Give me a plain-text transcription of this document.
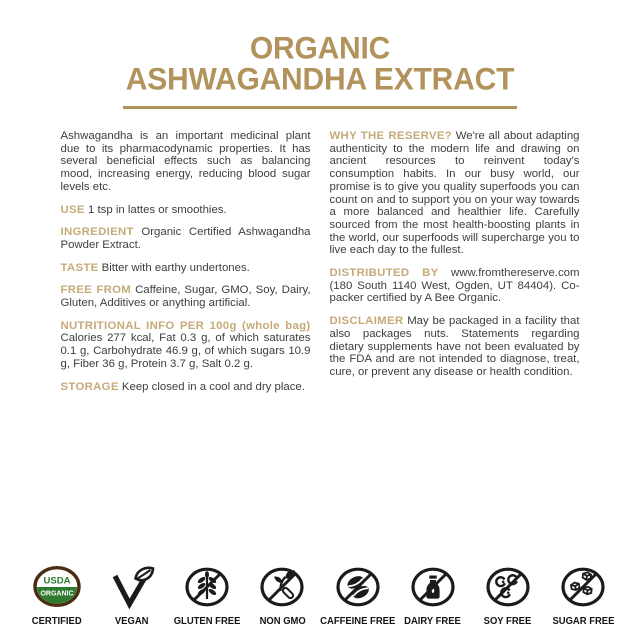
ORGANIC
ASHWAGANDHA EXTRACT

Ashwagandha is an important medicinal plant due to its pharmacodynamic properties. It has several beneficial effects such as balancing mood, increasing energy, reducing blood sugar levels etc.

USE 1 tsp in lattes or smoothies.

INGREDIENT Organic Certified Ashwagandha Powder Extract.

TASTE Bitter with earthy undertones.

FREE FROM Caffeine, Sugar, GMO, Soy, Dairy, Gluten, Additives or anything artificial.

NUTRITIONAL INFO PER 100g (whole bag) Calories 277 kcal, Fat 0.3 g, of which saturates 0.1 g, Carbohydrate 46.9 g, of which sugars 10.9 g, Fiber 36 g, Protein 3.7 g, Salt 0.2 g.

STORAGE Keep closed in a cool and dry place.

WHY THE RESERVE? We're all about adapting authenticity to the modern life and drawing on ancient resources to reinvent today's consumption habits. In our busy world, our promise is to give you quality superfoods you can count on and to support you on your way towards a more balanced and healthier life. Carefully sourced from the most health-boosting plants in the world, our superfoods will supercharge you to live each day to the fullest.

DISTRIBUTED BY www.fromthereserve.com (180 South 1140 West, Ogden, UT 84404). Co-packer certified by A Bee Organic.

DISCLAIMER May be packaged in a facility that also packages nuts. Statements regarding dietary supplements have not been evaluated by the FDA and are not intended to diagnose, treat, cure, or prevent any disease or health condition.

USDA
ORGANIC
CERTIFIED	VEGAN GLUTEN FREE NON GMO CAFFEINE FREE DAIRY FREE SOY FREE SUGAR FREE
